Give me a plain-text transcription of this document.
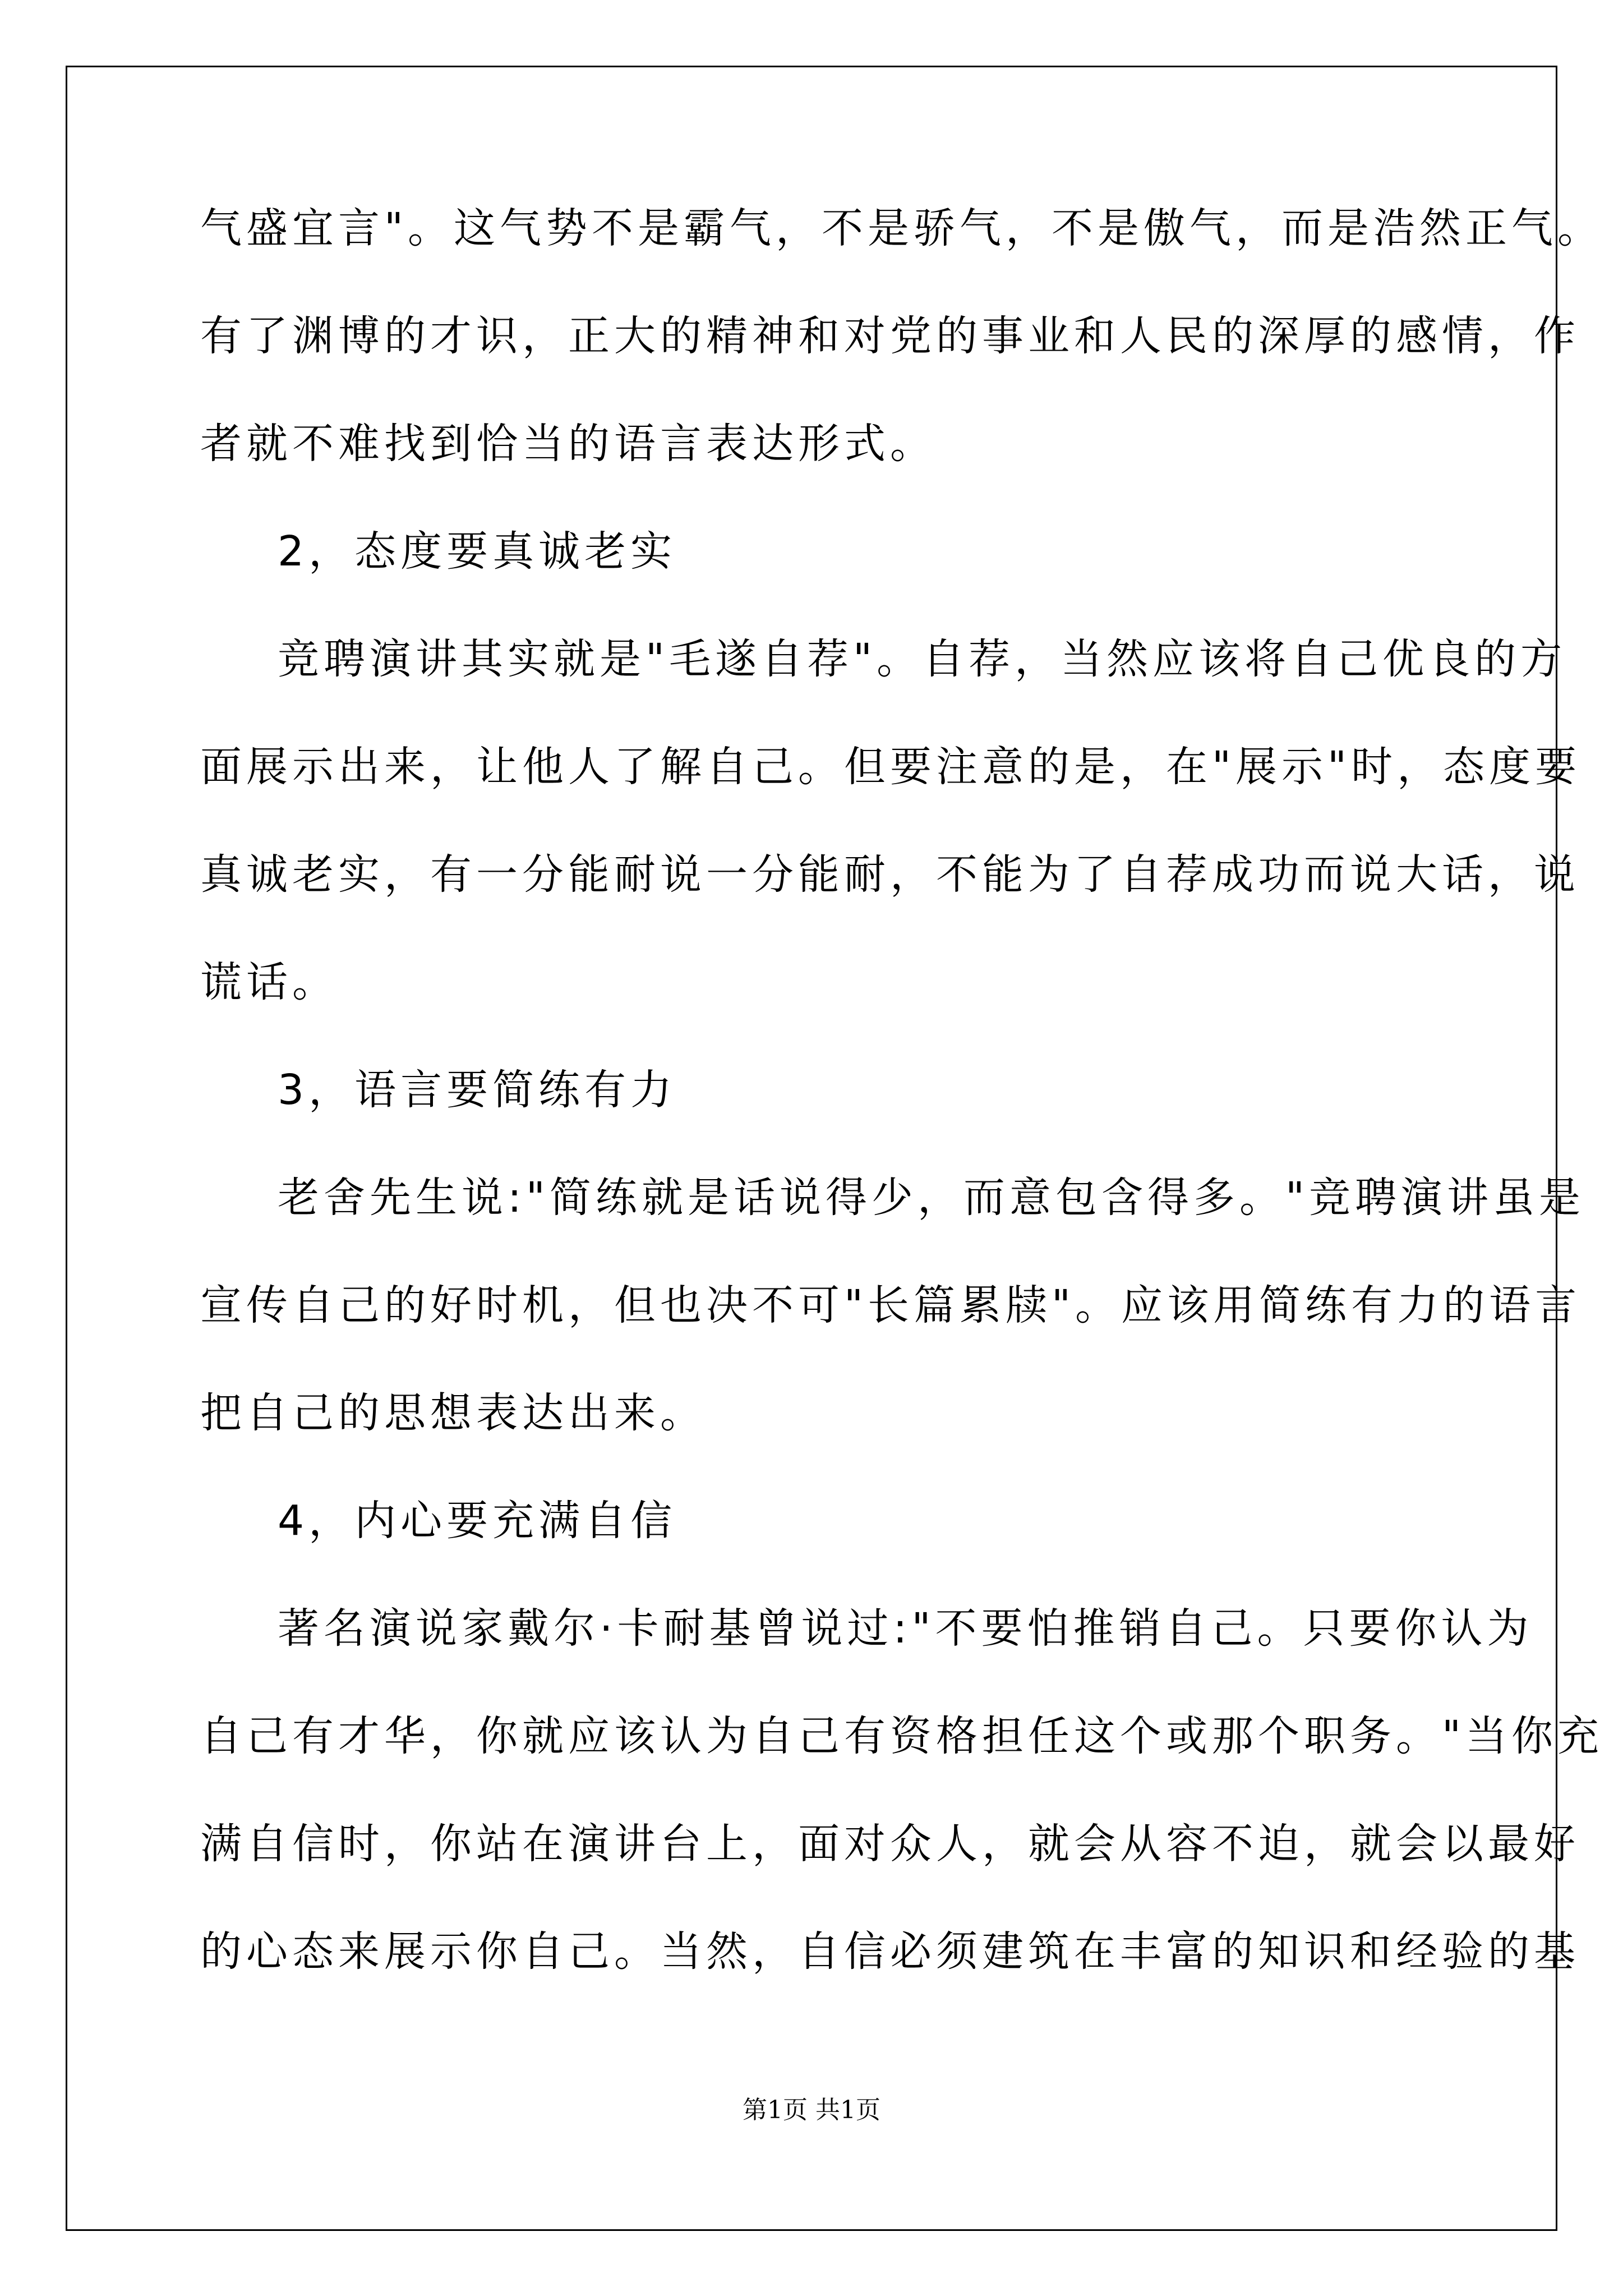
气盛宜言"。这气势不是霸气，不是骄气，不是傲气，而是浩然正气。
有了渊博的才识，正大的精神和对党的事业和人民的深厚的感情，作
者就不难找到恰当的语言表达形式。
2，态度要真诚老实
竞聘演讲其实就是"毛遂自荐"。自荐，当然应该将自己优良的方
面展示出来，让他人了解自己。但要注意的是，在"展示"时，态度要
真诚老实，有一分能耐说一分能耐，不能为了自荐成功而说大话，说
谎话。
3，语言要简练有力
老舍先生说:"简练就是话说得少，而意包含得多。"竞聘演讲虽是
宣传自己的好时机，但也决不可"长篇累牍"。应该用简练有力的语言
把自己的思想表达出来。
4，内心要充满自信
著名演说家戴尔·卡耐基曾说过:"不要怕推销自己。只要你认为
自己有才华，你就应该认为自己有资格担任这个或那个职务。"当你充
满自信时，你站在演讲台上，面对众人，就会从容不迫，就会以最好
的心态来展示你自己。当然，自信必须建筑在丰富的知识和经验的基
第1页 共1页
